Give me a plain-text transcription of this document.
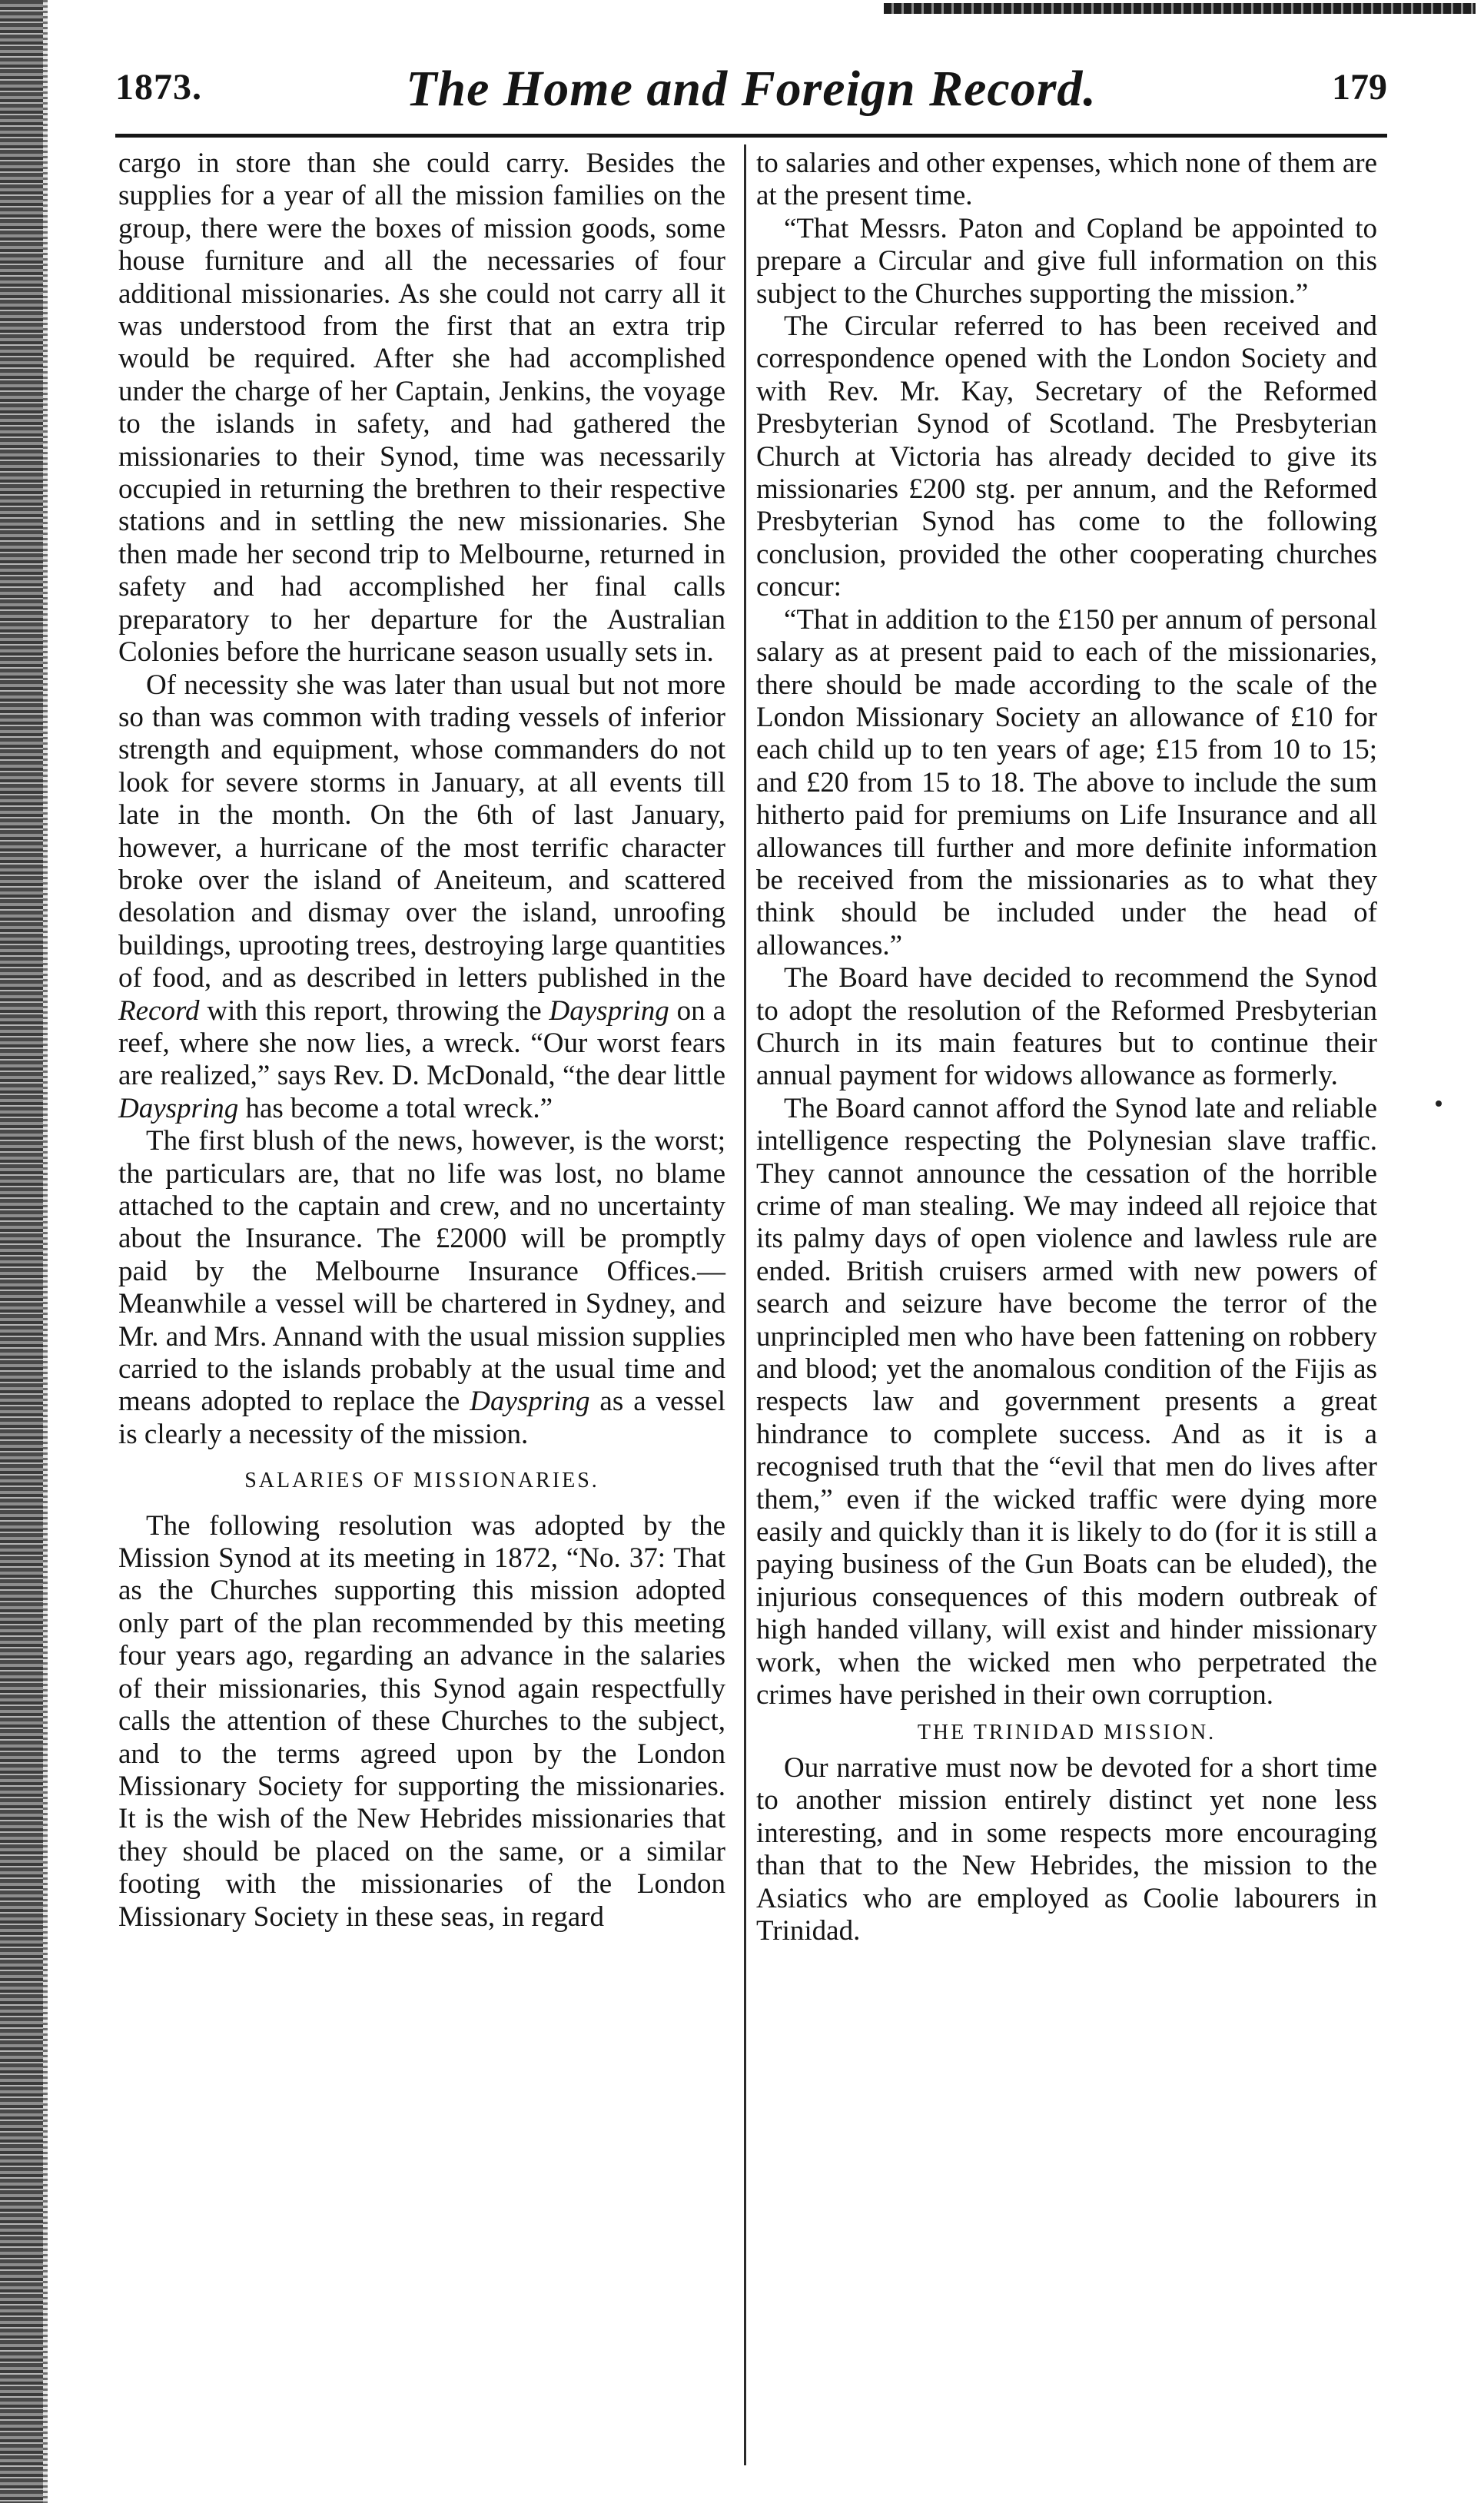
1873.	The Home and Foreign Record.	179

cargo in store than she could carry. Besides the supplies for a year of all the mission families on the group, there were the boxes of mission goods, some house furniture and all the necessaries of four additional missionaries. As she could not carry all it was understood from the first that an extra trip would be required. After she had accomplished under the charge of her Captain, Jenkins, the voyage to the islands in safety, and had gathered the missionaries to their Synod, time was necessarily occupied in returning the brethren to their respective stations and in settling the new missionaries. She then made her second trip to Melbourne, returned in safety and had accomplished her final calls preparatory to her departure for the Australian Colonies before the hurricane season usually sets in.

Of necessity she was later than usual but not more so than was common with trading vessels of inferior strength and equipment, whose commanders do not look for severe storms in January, at all events till late in the month. On the 6th of last January, however, a hurricane of the most terrific character broke over the island of Aneiteum, and scattered desolation and dismay over the island, unroofing buildings, uprooting trees, destroying large quantities of food, and as described in letters published in the Record with this report, throwing the Dayspring on a reef, where she now lies, a wreck. “Our worst fears are realized,” says Rev. D. McDonald, “the dear little Dayspring has become a total wreck.”

The first blush of the news, however, is the worst; the particulars are, that no life was lost, no blame attached to the captain and crew, and no uncertainty about the Insurance. The £2000 will be promptly paid by the Melbourne Insurance Offices.—Meanwhile a vessel will be chartered in Sydney, and Mr. and Mrs. Annand with the usual mission supplies carried to the islands probably at the usual time and means adopted to replace the Dayspring as a vessel is clearly a necessity of the mission.

SALARIES OF MISSIONARIES.

The following resolution was adopted by the Mission Synod at its meeting in 1872, “No. 37: That as the Churches supporting this mission adopted only part of the plan recommended by this meeting four years ago, regarding an advance in the salaries of their missionaries, this Synod again respectfully calls the attention of these Churches to the subject, and to the terms agreed upon by the London Missionary Society for supporting the missionaries. It is the wish of the New Hebrides missionaries that they should be placed on the same, or a similar footing with the missionaries of the London Missionary Society in these seas, in regard

to salaries and other expenses, which none of them are at the present time.

“That Messrs. Paton and Copland be appointed to prepare a Circular and give full information on this subject to the Churches supporting the mission.”

The Circular referred to has been received and correspondence opened with the London Society and with Rev. Mr. Kay, Secretary of the Reformed Presbyterian Synod of Scotland. The Presbyterian Church at Victoria has already decided to give its missionaries £200 stg. per annum, and the Reformed Presbyterian Synod has come to the following conclusion, provided the other cooperating churches concur:

“That in addition to the £150 per annum of personal salary as at present paid to each of the missionaries, there should be made according to the scale of the London Missionary Society an allowance of £10 for each child up to ten years of age; £15 from 10 to 15; and £20 from 15 to 18. The above to include the sum hitherto paid for premiums on Life Insurance and all allowances till further and more definite information be received from the missionaries as to what they think should be included under the head of allowances.”

The Board have decided to recommend the Synod to adopt the resolution of the Reformed Presbyterian Church in its main features but to continue their annual payment for widows allowance as formerly.

The Board cannot afford the Synod late and reliable intelligence respecting the Polynesian slave traffic. They cannot announce the cessation of the horrible crime of man stealing. We may indeed all rejoice that its palmy days of open violence and lawless rule are ended. British cruisers armed with new powers of search and seizure have become the terror of the unprincipled men who have been fattening on robbery and blood; yet the anomalous condition of the Fijis as respects law and government presents a great hindrance to complete success. And as it is a recognised truth that the “evil that men do lives after them,” even if the wicked traffic were dying more easily and quickly than it is likely to do (for it is still a paying business of the Gun Boats can be eluded), the injurious consequences of this modern outbreak of high handed villany, will exist and hinder missionary work, when the wicked men who perpetrated the crimes have perished in their own corruption.

THE TRINIDAD MISSION.

Our narrative must now be devoted for a short time to another mission entirely distinct yet none less interesting, and in some respects more encouraging than that to the New Hebrides, the mission to the Asiatics who are employed as Coolie labourers in Trinidad.
